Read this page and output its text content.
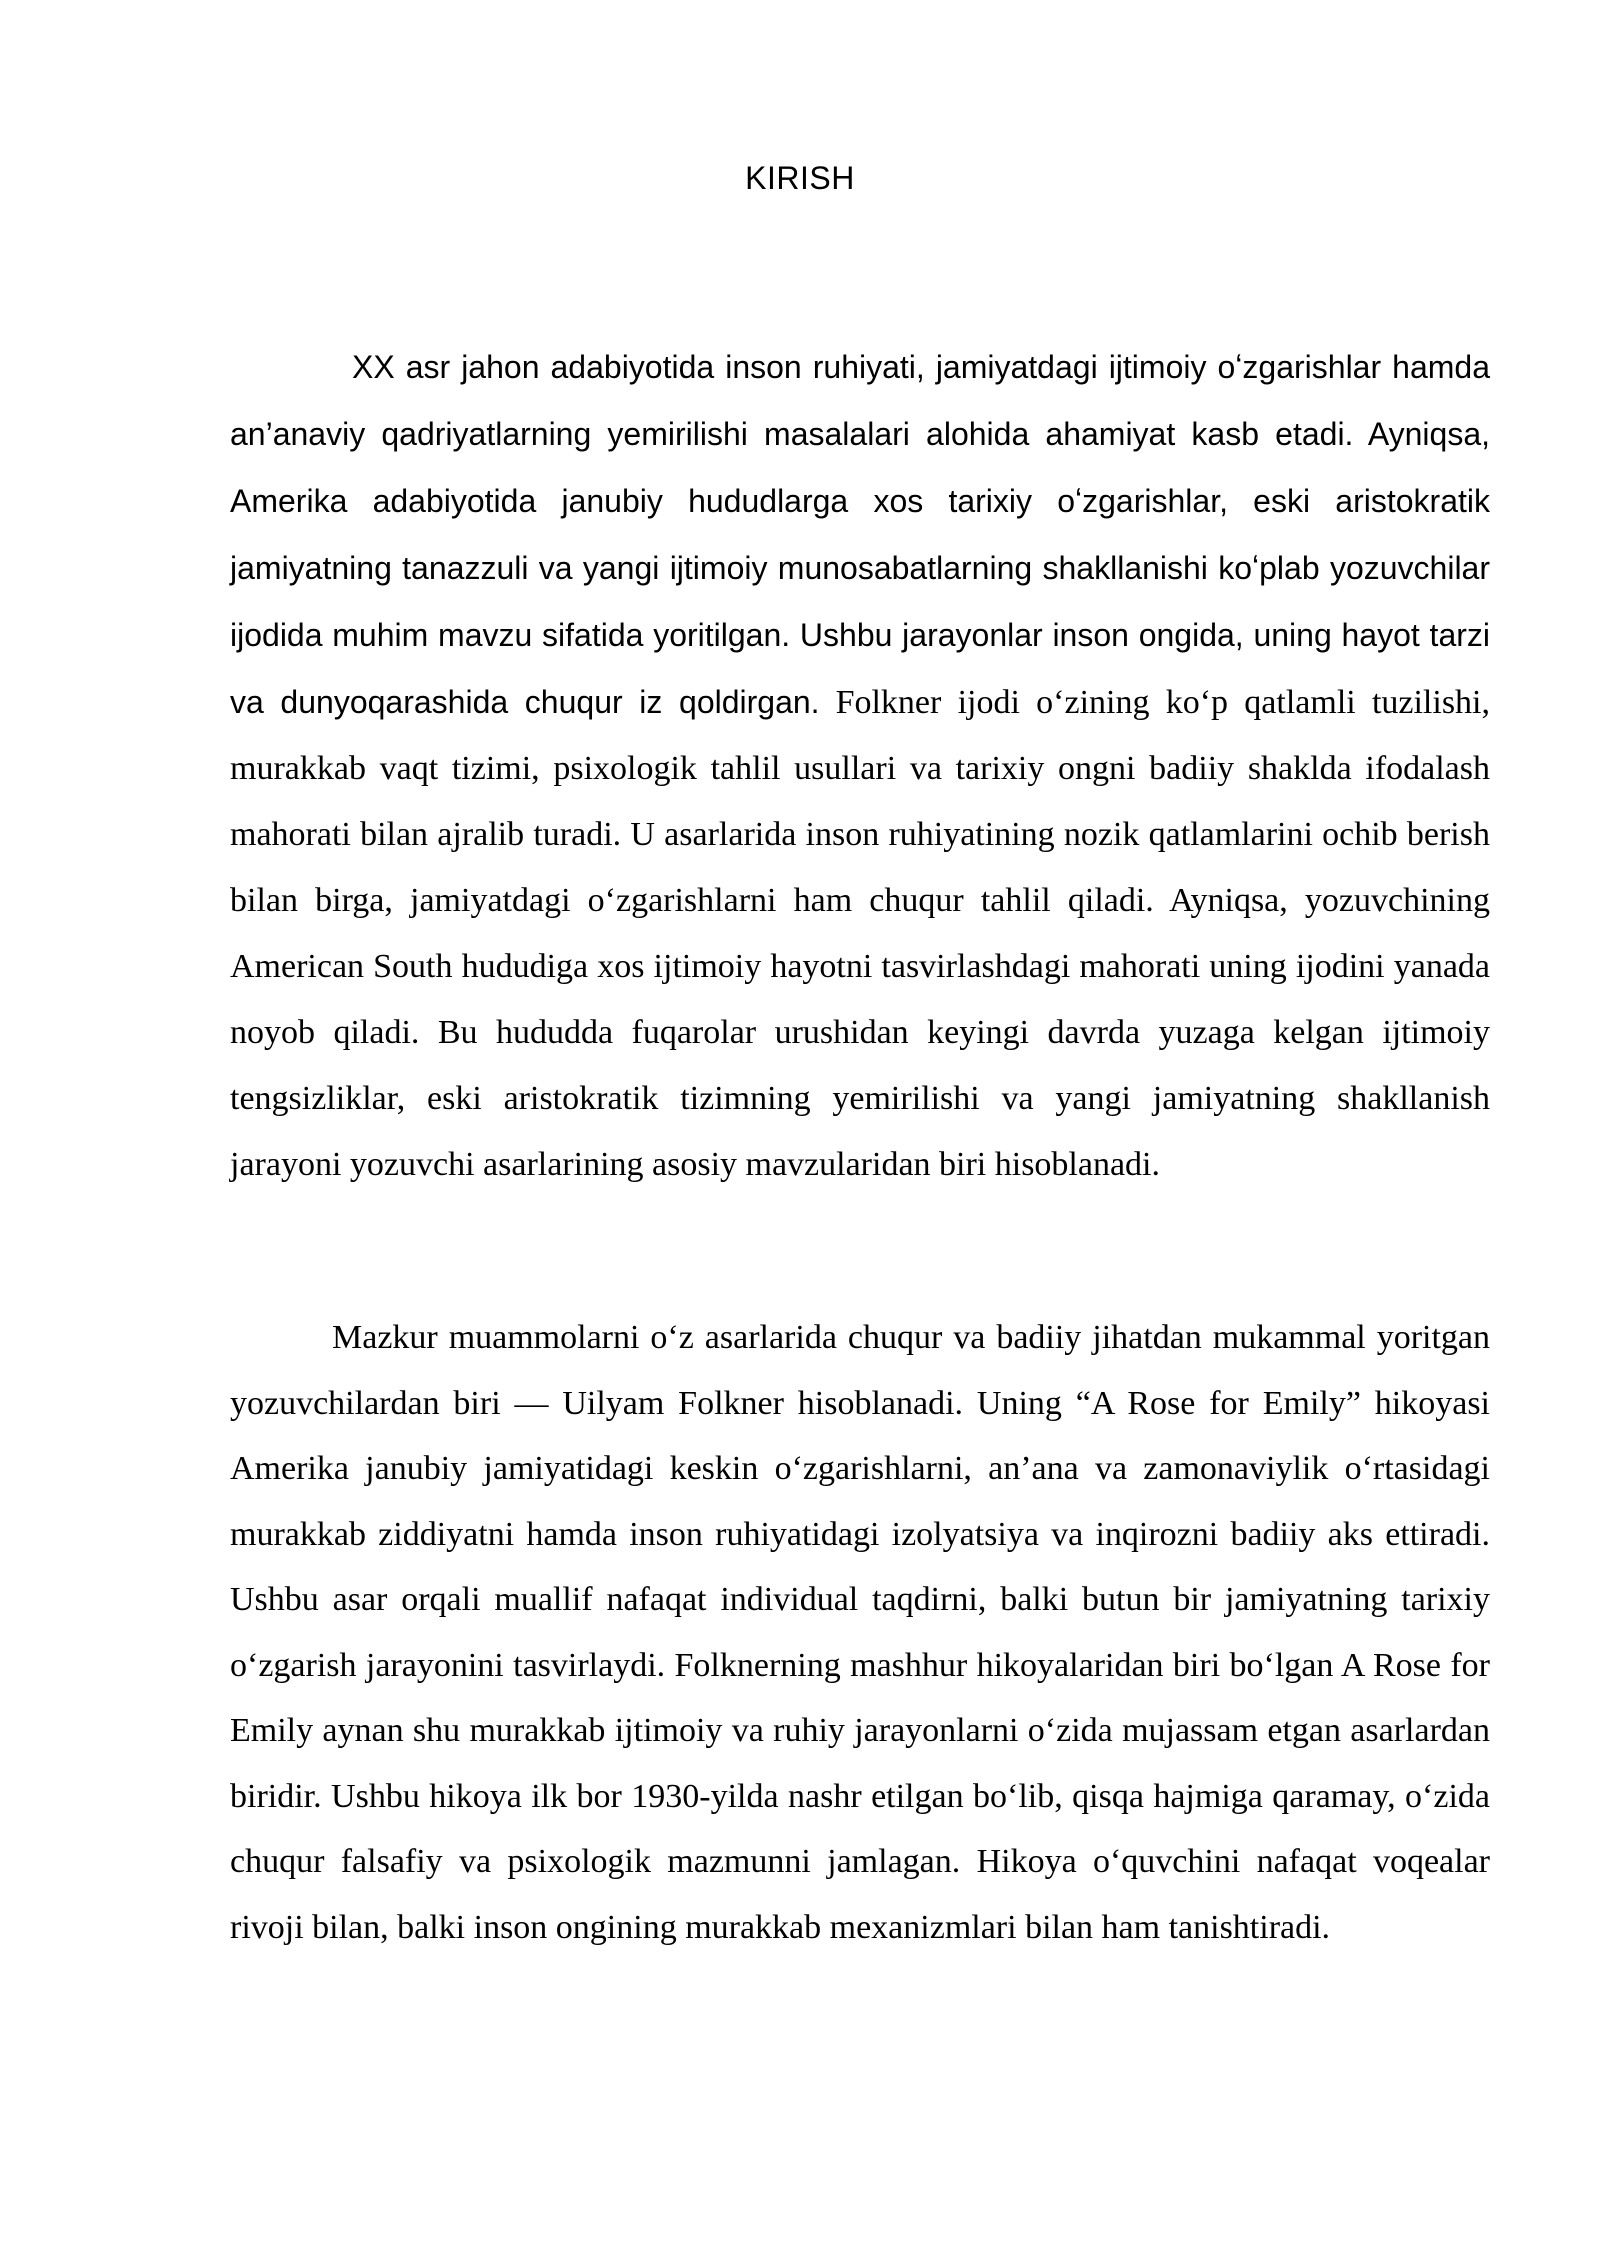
KIRISH

XX asr jahon adabiyotida inson ruhiyati, jamiyatdagi ijtimoiy oʻzgarishlar hamda an’anaviy qadriyatlarning yemirilishi masalalari alohida ahamiyat kasb etadi. Ayniqsa, Amerika adabiyotida janubiy hududlarga xos tarixiy oʻzgarishlar, eski aristokratik jamiyatning tanazzuli va yangi ijtimoiy munosabatlarning shakllanishi koʻplab yozuvchilar ijodida muhim mavzu sifatida yoritilgan. Ushbu jarayonlar inson ongida, uning hayot tarzi va dunyoqarashida chuqur iz qoldirgan. Folkner ijodi oʻzining koʻp qatlamli tuzilishi, murakkab vaqt tizimi, psixologik tahlil usullari va tarixiy ongni badiiy shaklda ifodalash mahorati bilan ajralib turadi. U asarlarida inson ruhiyatining nozik qatlamlarini ochib berish bilan birga, jamiyatdagi oʻzgarishlarni ham chuqur tahlil qiladi. Ayniqsa, yozuvchining American South hududiga xos ijtimoiy hayotni tasvirlashdagi mahorati uning ijodini yanada noyob qiladi. Bu hududda fuqarolar urushidan keyingi davrda yuzaga kelgan ijtimoiy tengsizliklar, eski aristokratik tizimning yemirilishi va yangi jamiyatning shakllanish jarayoni yozuvchi asarlarining asosiy mavzularidan biri hisoblanadi.

Mazkur muammolarni oʻz asarlarida chuqur va badiiy jihatdan mukammal yoritgan yozuvchilardan biri — Uilyam Folkner hisoblanadi. Uning “A Rose for Emily” hikoyasi Amerika janubiy jamiyatidagi keskin oʻzgarishlarni, an’ana va zamonaviylik oʻrtasidagi murakkab ziddiyatni hamda inson ruhiyatidagi izolyatsiya va inqirozni badiiy aks ettiradi. Ushbu asar orqali muallif nafaqat individual taqdirni, balki butun bir jamiyatning tarixiy oʻzgarish jarayonini tasvirlaydi. Folknerning mashhur hikoyalaridan biri boʻlgan A Rose for Emily aynan shu murakkab ijtimoiy va ruhiy jarayonlarni oʻzida mujassam etgan asarlardan biridir. Ushbu hikoya ilk bor 1930-yilda nashr etilgan boʻlib, qisqa hajmiga qaramay, oʻzida chuqur falsafiy va psixologik mazmunni jamlagan. Hikoya oʻquvchini nafaqat voqealar rivoji bilan, balki inson ongining murakkab mexanizmlari bilan ham tanishtiradi.
